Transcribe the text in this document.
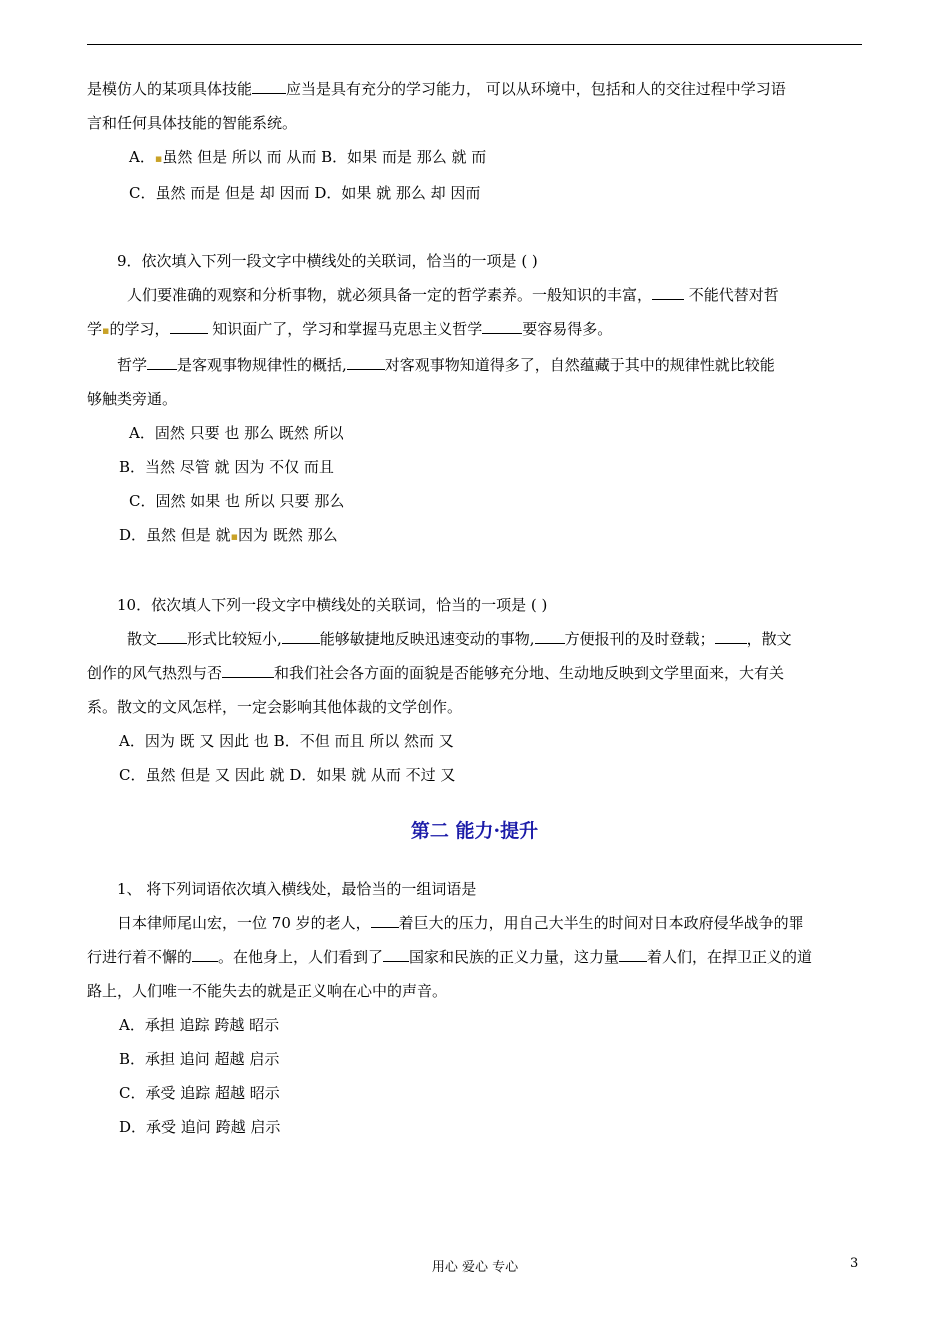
是模仿人的某项具体技能 应当是具有充分的学习能力， 可以从环境中，包括和人的交往过程中学习语

言和任何具体技能的智能系统。

A．▪虽然 但是 所以 而 从而 B．如果 而是 那么 就 而

C．虽然 而是 但是 却 因而 D．如果 就 那么 却 因而

9．依次填入下列一段文字中横线处的关联词，恰当的一项是 ( )

人们要准确的观察和分析事物，就必须具备一定的哲学素养。一般知识的丰富， 不能代替对哲

学▪的学习，	知识面广了，学习和掌握马克思主义哲学	要容易得多。

哲学 是客观事物规律性的概括,	对客观事物知道得多了，自然蕴藏于其中的规律性就比较能

够触类旁通。

A．固然 只要 也 那么 既然 所以

B．当然 尽管 就 因为 不仅 而且

C．固然 如果 也 所以 只要 那么

D．虽然 但是 就▪因为 既然 那么

10．依次填人下列一段文字中横线处的关联词，恰当的一项是 ( )

散文 形式比较短小,	能够敏捷地反映迅速变动的事物, 方便报刊的及时登载； ，散文

创作的风气热烈与否	和我们社会各方面的面貌是否能够充分地、生动地反映到文学里面来，大有关

系。散文的文风怎样，一定会影响其他体裁的文学创作。

A．因为 既 又 因此 也 B．不但 而且 所以 然而 又

C．虽然 但是 又 因此 就 D．如果 就 从而 不过 又

第二 能力·提升

1、 将下列词语依次填入横线处，最恰当的一组词语是

日本律师尾山宏，一位 70 岁的老人， 着巨大的压力，用自己大半生的时间对日本政府侵华战争的罪

行进行着不懈的 。在他身上，人们看到了 国家和民族的正义力量，这力量 着人们，在捍卫正义的道

路上，人们唯一不能失去的就是正义响在心中的声音。

A．承担 追踪 跨越 昭示

B．承担 追问 超越 启示

C．承受 追踪 超越 昭示

D．承受 追问 跨越 启示

用心 爱心 专心	3
